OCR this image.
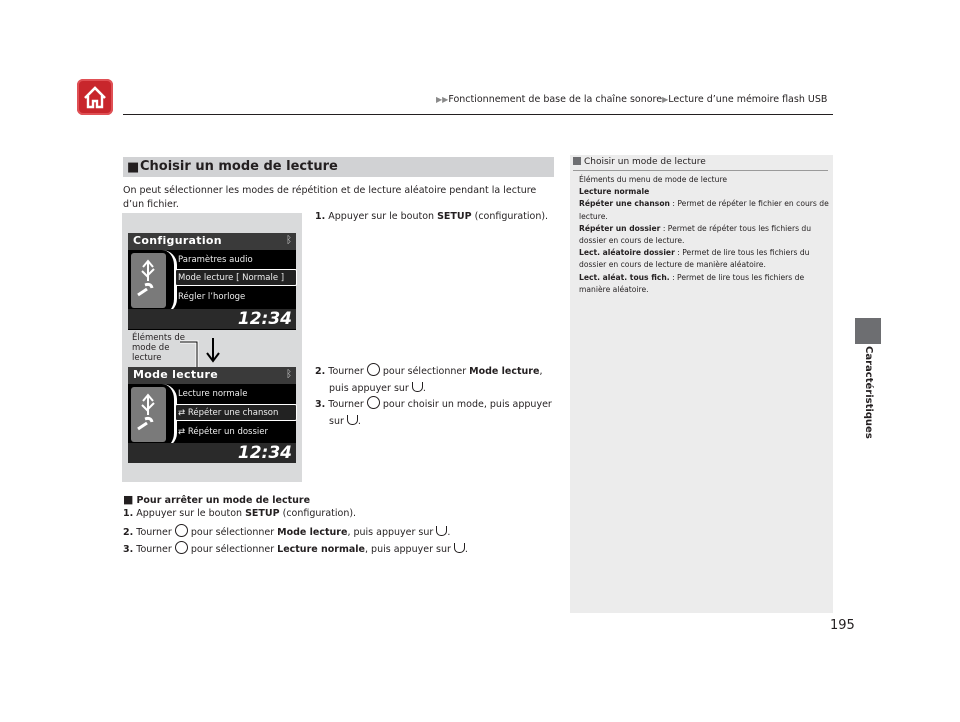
▶▶Fonctionnement de base de la chaîne sonore▶Lecture d’une mémoire flash USB
Caractéristiques
■ Choisir un mode de lecture
On peut sélectionner les modes de répétition et de lecture aléatoire pendant la lecture d’un fichier.
Configuration	ᛒ
Paramètres audio
Mode lecture [ Normale ]
Régler l’horloge
12:34
Éléments de
mode de
lecture
Mode lecture	ᛒ
Lecture normale
⇄ Répéter une chanson
⇄ Répéter un dossier
12:34
1. Appuyer sur le bouton SETUP (configuration).
2. Tourner  pour sélectionner Mode lecture,
puis appuyer sur .
3. Tourner  pour choisir un mode, puis appuyer
sur .
■ Pour arrêter un mode de lecture
1. Appuyer sur le bouton SETUP (configuration).
2. Tourner  pour sélectionner Mode lecture, puis appuyer sur .
3. Tourner  pour sélectionner Lecture normale, puis appuyer sur .
Choisir un mode de lecture
Éléments du menu de mode de lecture
Lecture normale
Répéter une chanson : Permet de répéter le fichier en cours de lecture.
Répéter un dossier : Permet de répéter tous les fichiers du dossier en cours de lecture.
Lect. aléatoire dossier : Permet de lire tous les fichiers du dossier en cours de lecture de manière aléatoire.
Lect. aléat. tous fich. : Permet de lire tous les fichiers de manière aléatoire.
195
